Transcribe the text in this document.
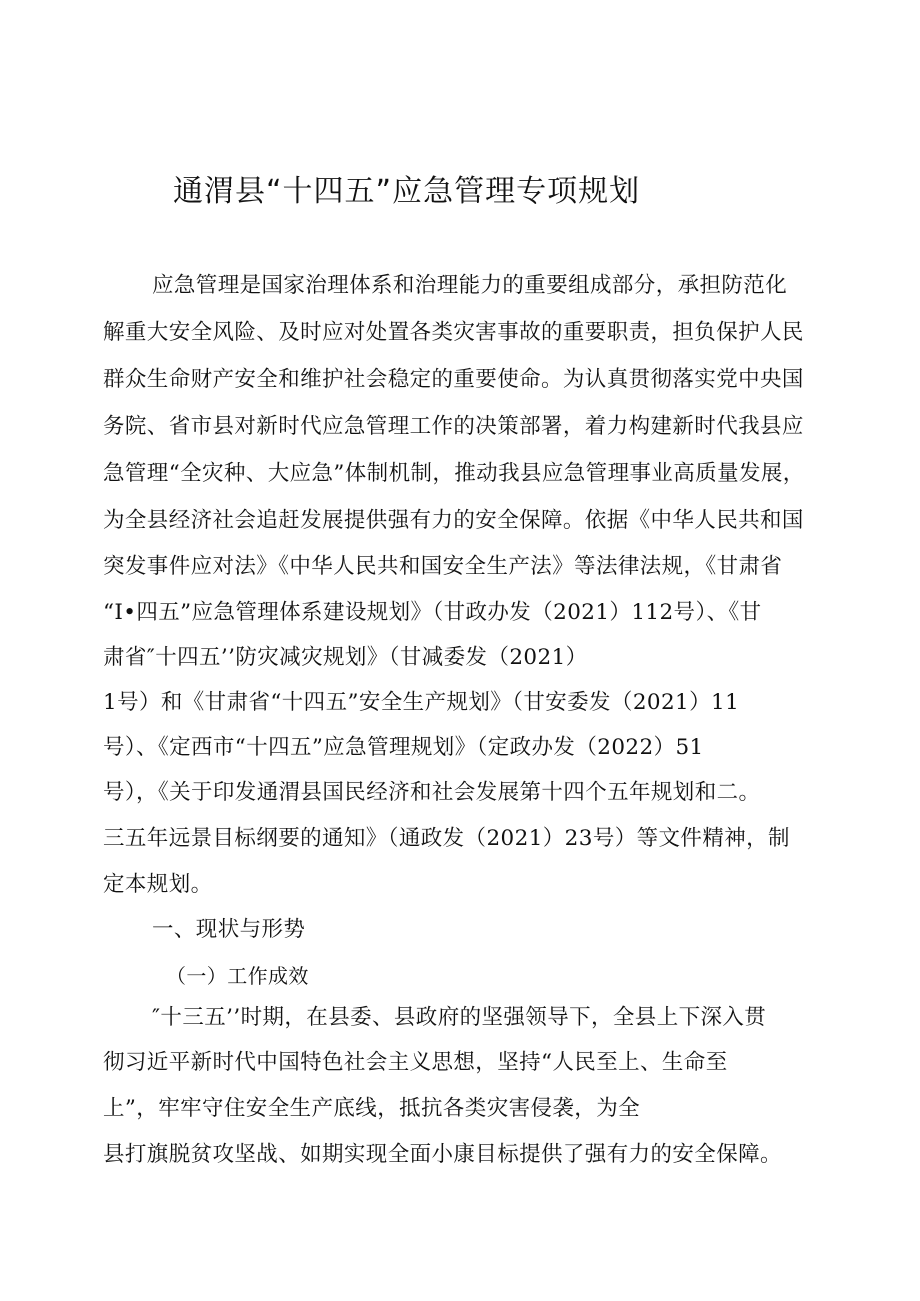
通渭县“十四五”应急管理专项规划
应急管理是国家治理体系和治理能力的重要组成部分，承担防范化
解重大安全风险、及时应对处置各类灾害事故的重要职责，担负保护人民
群众生命财产安全和维护社会稳定的重要使命。为认真贯彻落实党中央国
务院、省市县对新时代应急管理工作的决策部署，着力构建新时代我县应
急管理“全灾种、大应急”体制机制，推动我县应急管理事业高质量发展，
为全县经济社会追赶发展提供强有力的安全保障。依据《中华人民共和国
突发事件应对法》《中华人民共和国安全生产法》等法律法规，《甘肃省
“I•四五”应急管理体系建设规划》（甘政办发（2021）112号）、《甘
肃省″十四五’’防灾减灾规划》（甘减委发（2021）
1号）和《甘肃省“十四五”安全生产规划》（甘安委发（2021）11
号）、《定西市“十四五”应急管理规划》（定政办发（2022）51
号），《关于印发通渭县国民经济和社会发展第十四个五年规划和二。
三五年远景目标纲要的通知》（通政发（2021）23号）等文件精神，制
定本规划。
一、现状与形势
（一）工作成效
″十三五’’时期，在县委、县政府的坚强领导下，全县上下深入贯
彻习近平新时代中国特色社会主义思想，坚持“人民至上、生命至
上”，牢牢守住安全生产底线，抵抗各类灾害侵袭，为全
县打旗脱贫攻坚战、如期实现全面小康目标提供了强有力的安全保障。
